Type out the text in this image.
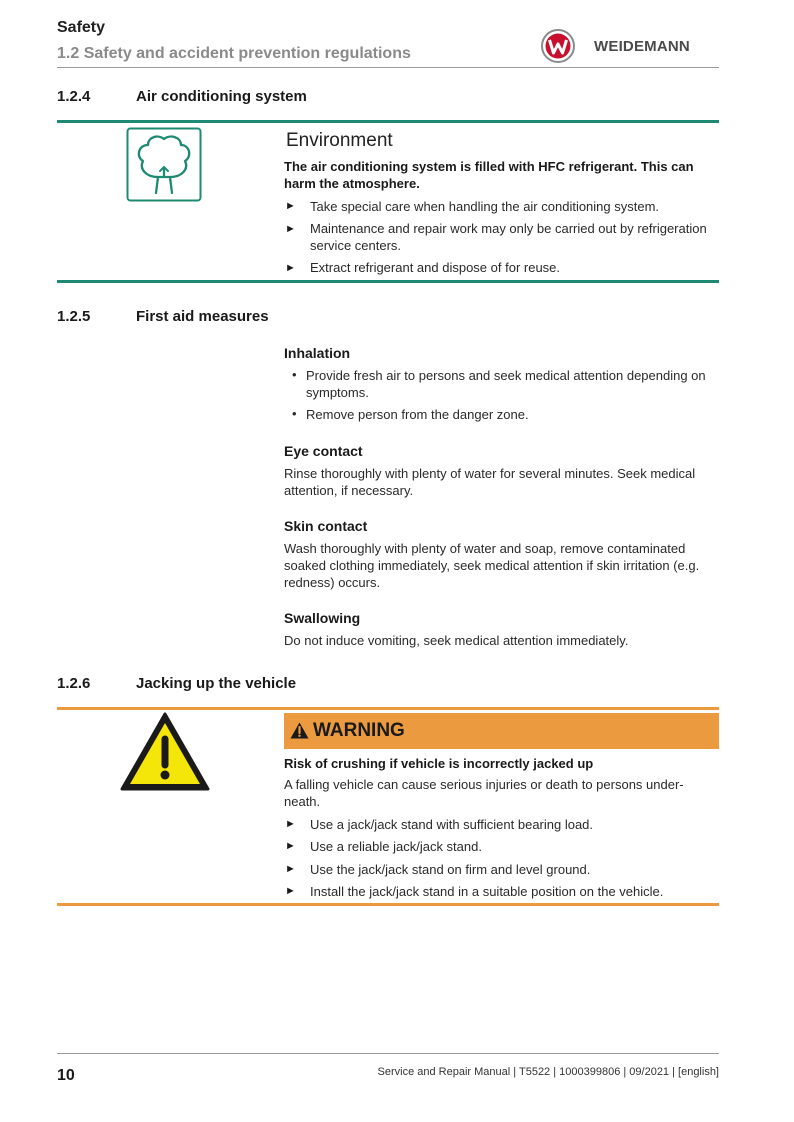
Safety
1.2 Safety and accident prevention regulations	WEIDEMANN
1.2.4	Air conditioning system
Environment
The air conditioning system is filled with HFC refrigerant. This can
harm the atmosphere.
► Take special care when handling the air conditioning system.
► Maintenance and repair work may only be carried out by refrigeration
service centers.
► Extract refrigerant and dispose of for reuse.
1.2.5	First aid measures
Inhalation
• Provide fresh air to persons and seek medical attention depending on
symptoms.
• Remove person from the danger zone.
Eye contact
Rinse thoroughly with plenty of water for several minutes. Seek medical
attention, if necessary.
Skin contact
Wash thoroughly with plenty of water and soap, remove contaminated
soaked clothing immediately, seek medical attention if skin irritation (e.g.
redness) occurs.
Swallowing
Do not induce vomiting, seek medical attention immediately.
1.2.6	Jacking up the vehicle
WARNING
Risk of crushing if vehicle is incorrectly jacked up
A falling vehicle can cause serious injuries or death to persons under-
neath.
► Use a jack/jack stand with sufficient bearing load.
► Use a reliable jack/jack stand.
► Use the jack/jack stand on firm and level ground.
► Install the jack/jack stand in a suitable position on the vehicle.
10	Service and Repair Manual | T5522 | 1000399806 | 09/2021 | [english]
